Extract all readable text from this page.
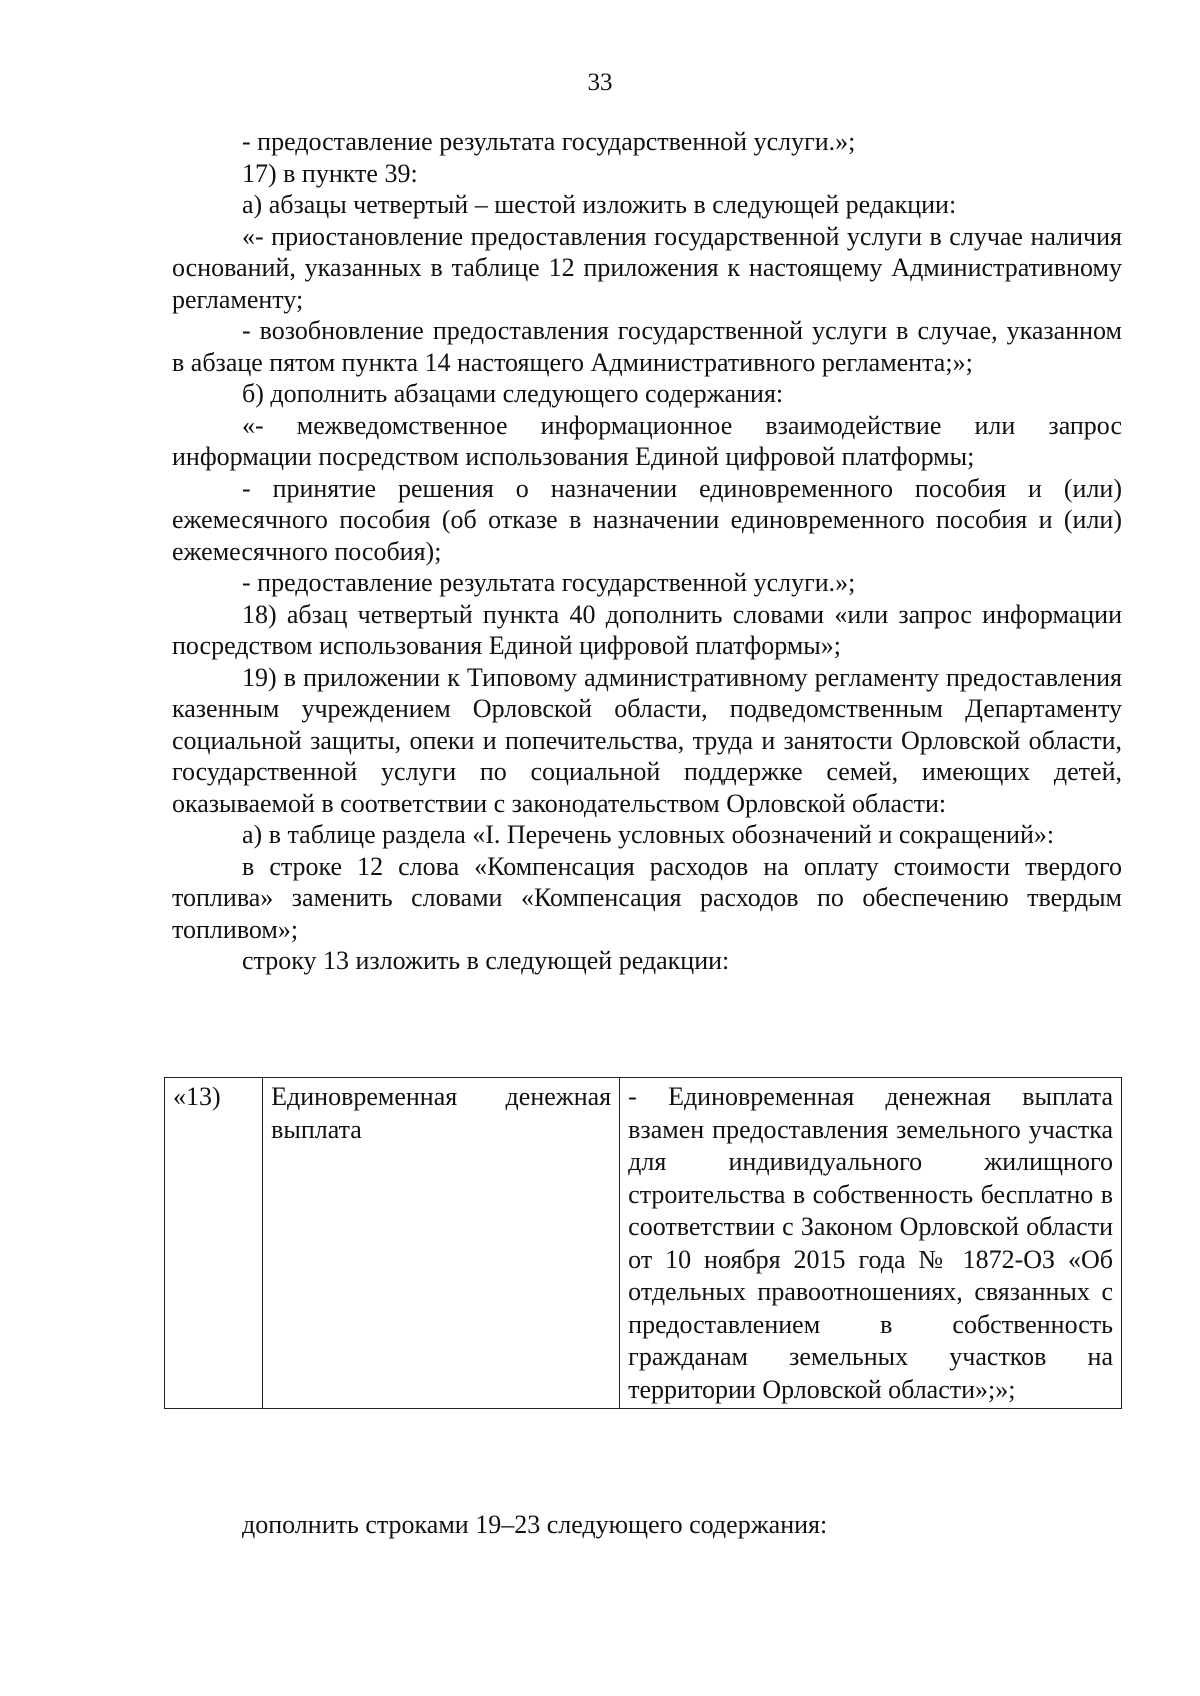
33

- предоставление результата государственной услуги.»;

17) в пункте 39:

а) абзацы четвертый – шестой изложить в следующей редакции:

«- приостановление предоставления государственной услуги в случае наличия оснований, указанных в таблице 12 приложения к настоящему Административному регламенту;

- возобновление предоставления государственной услуги в случае, указанном в абзаце пятом пункта 14 настоящего Административного регламента;»;

б) дополнить абзацами следующего содержания:

«- межведомственное информационное взаимодействие или запрос информации посредством использования Единой цифровой платформы;

- принятие решения о назначении единовременного пособия и (или) ежемесячного пособия (об отказе в назначении единовременного пособия и (или) ежемесячного пособия);

- предоставление результата государственной услуги.»;

18) абзац четвертый пункта 40 дополнить словами «или запрос информации посредством использования Единой цифровой платформы»;

19) в приложении к Типовому административному регламенту предоставления казенным учреждением Орловской области, подведомственным Департаменту социальной защиты, опеки и попечительства, труда и занятости Орловской области, государственной услуги по социальной поддержке семей, имеющих детей, оказываемой в соответствии с законодательством Орловской области:

а) в таблице раздела «I. Перечень условных обозначений и сокращений»:

в строке 12 слова «Компенсация расходов на оплату стоимости твердого топлива» заменить словами «Компенсация расходов по обеспечению твердым топливом»;

строку 13 изложить в следующей редакции:

«13)	Единовременная денежная выплата	- Единовременная денежная выплата взамен предоставления земельного участка для индивидуального жилищного строительства в собственность бесплатно в соответствии с Законом Орловской области от 10 ноября 2015 года № 1872-ОЗ «Об отдельных правоотношениях, связанных с предоставлением в собственность гражданам земельных участков на территории Орловской области»;»;

дополнить строками 19–23 следующего содержания:
